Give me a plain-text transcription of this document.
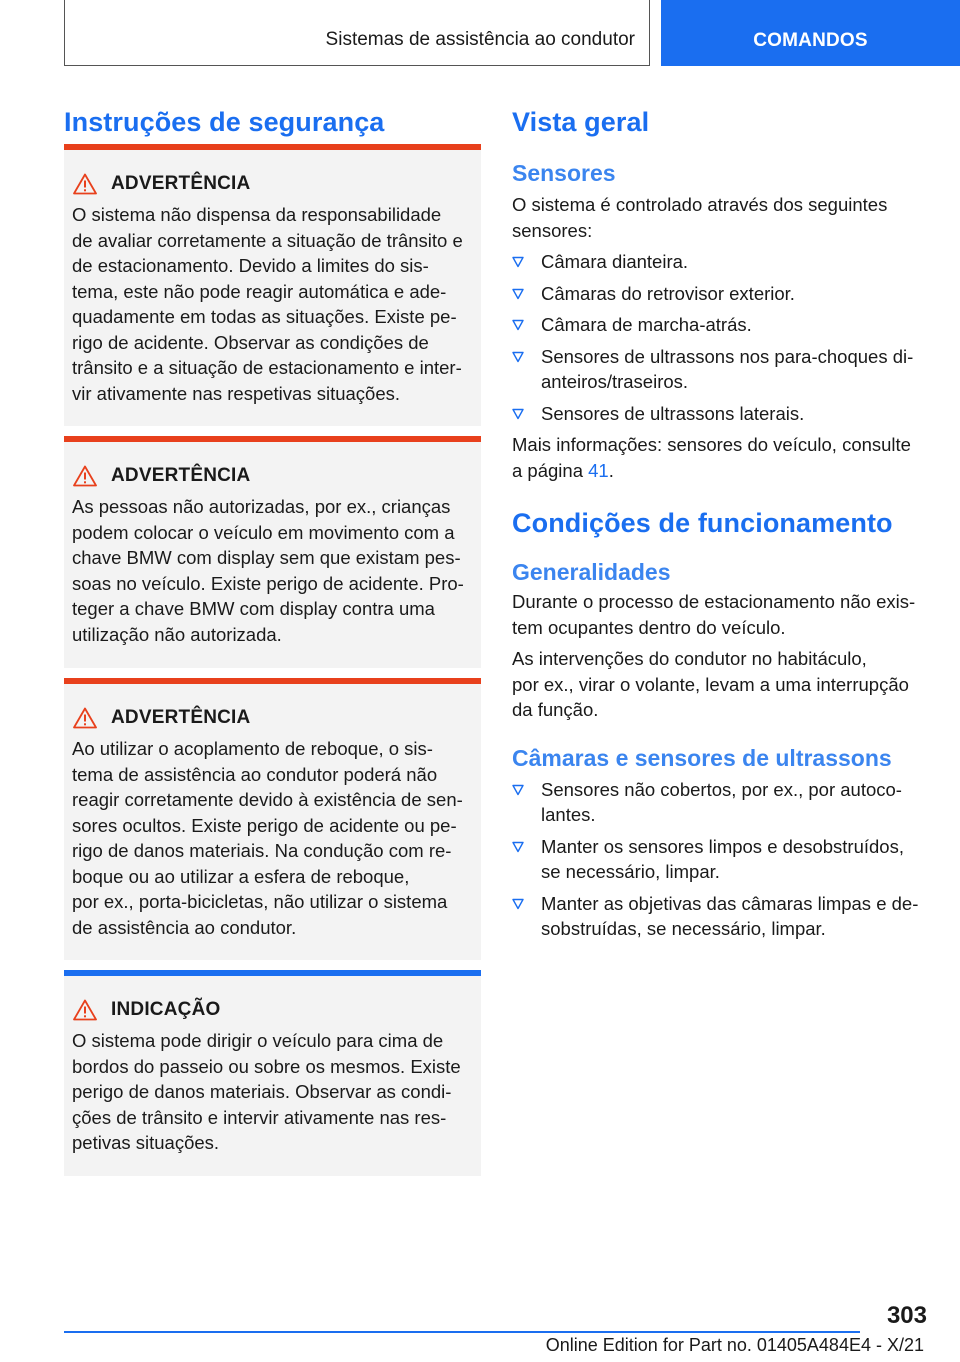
Sistemas de assistência ao condutor	COMANDOS
Instruções de segurança
ADVERTÊNCIA
O sistema não dispensa da responsabilidade
de avaliar corretamente a situação de trânsito e
de estacionamento. Devido a limites do sis-
tema, este não pode reagir automática e ade-
quadamente em todas as situações. Existe pe-
rigo de acidente. Observar as condições de
trânsito e a situação de estacionamento e inter-
vir ativamente nas respetivas situações.
ADVERTÊNCIA
As pessoas não autorizadas, por ex., crianças
podem colocar o veículo em movimento com a
chave BMW com display sem que existam pes-
soas no veículo. Existe perigo de acidente. Pro-
teger a chave BMW com display contra uma
utilização não autorizada.
ADVERTÊNCIA
Ao utilizar o acoplamento de reboque, o sis-
tema de assistência ao condutor poderá não
reagir corretamente devido à existência de sen-
sores ocultos. Existe perigo de acidente ou pe-
rigo de danos materiais. Na condução com re-
boque ou ao utilizar a esfera de reboque,
por ex., porta-bicicletas, não utilizar o sistema
de assistência ao condutor.
INDICAÇÃO
O sistema pode dirigir o veículo para cima de
bordos do passeio ou sobre os mesmos. Existe
perigo de danos materiais. Observar as condi-
ções de trânsito e intervir ativamente nas res-
petivas situações.
Vista geral
Sensores
O sistema é controlado através dos seguintes
sensores:
Câmara dianteira.
Câmaras do retrovisor exterior.
Câmara de marcha-atrás.
Sensores de ultrassons nos para-choques di-
anteiros/traseiros.
Sensores de ultrassons laterais.
Mais informações: sensores do veículo, consulte
a página 41.
Condições de funcionamento
Generalidades
Durante o processo de estacionamento não exis-
tem ocupantes dentro do veículo.
As intervenções do condutor no habitáculo,
por ex., virar o volante, levam a uma interrupção
da função.
Câmaras e sensores de ultrassons
Sensores não cobertos, por ex., por autoco-
lantes.
Manter os sensores limpos e desobstruídos,
se necessário, limpar.
Manter as objetivas das câmaras limpas e de-
sobstruídas, se necessário, limpar.
303
Online Edition for Part no. 01405A484E4 - X/21
